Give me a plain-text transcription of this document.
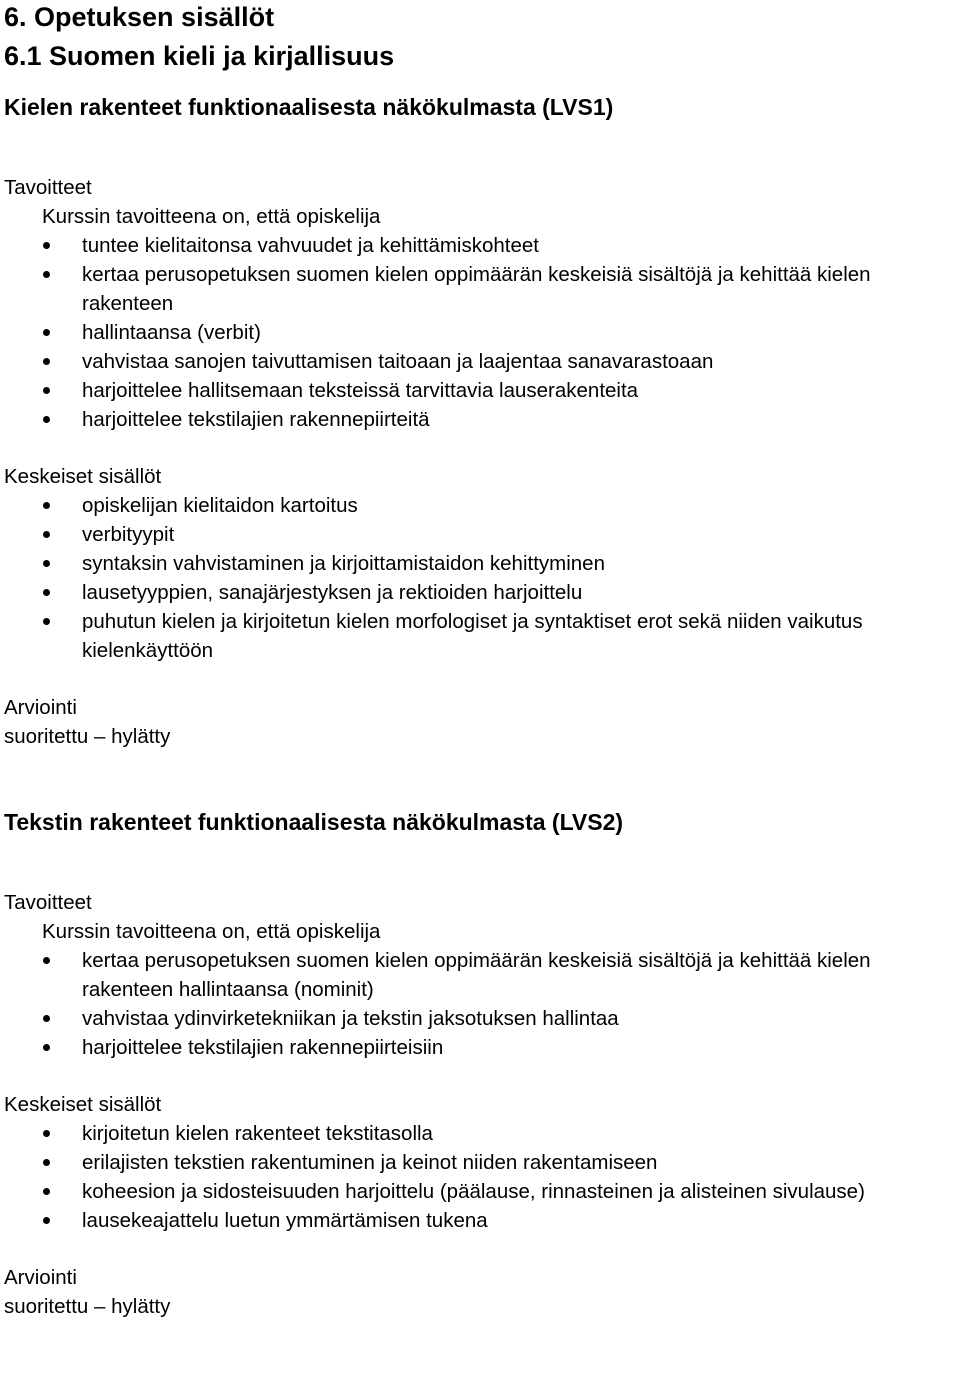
6. Opetuksen sisällöt
6.1 Suomen kieli ja kirjallisuus
Kielen rakenteet funktionaalisesta näkökulmasta (LVS1)
Tavoitteet
Kurssin tavoitteena on, että opiskelija
tuntee kielitaitonsa vahvuudet ja kehittämiskohteet
kertaa perusopetuksen suomen kielen oppimäärän keskeisiä sisältöjä ja kehittää kielen rakenteen
hallintaansa (verbit)
vahvistaa sanojen taivuttamisen taitoaan ja laajentaa sanavarastoaan
harjoittelee hallitsemaan teksteissä tarvittavia lauserakenteita
harjoittelee tekstilajien rakennepiirteitä
Keskeiset sisällöt
opiskelijan kielitaidon kartoitus
verbityypit
syntaksin vahvistaminen ja kirjoittamistaidon kehittyminen
lausetyyppien, sanajärjestyksen ja rektioiden harjoittelu
puhutun kielen ja kirjoitetun kielen morfologiset ja syntaktiset erot sekä niiden vaikutus kielenkäyttöön
Arviointi
suoritettu – hylätty
Tekstin rakenteet funktionaalisesta näkökulmasta (LVS2)
Tavoitteet
Kurssin tavoitteena on, että opiskelija
kertaa perusopetuksen suomen kielen oppimäärän keskeisiä sisältöjä ja kehittää kielen rakenteen hallintaansa (nominit)
vahvistaa ydinvirketekniikan ja tekstin jaksotuksen hallintaa
harjoittelee tekstilajien rakennepiirteisiin
Keskeiset sisällöt
kirjoitetun kielen rakenteet tekstitasolla
erilajisten tekstien rakentuminen ja keinot niiden rakentamiseen
koheesion ja sidosteisuuden harjoittelu (päälause, rinnasteinen ja alisteinen sivulause)
lausekeajattelu luetun ymmärtämisen tukena
Arviointi
suoritettu – hylätty
